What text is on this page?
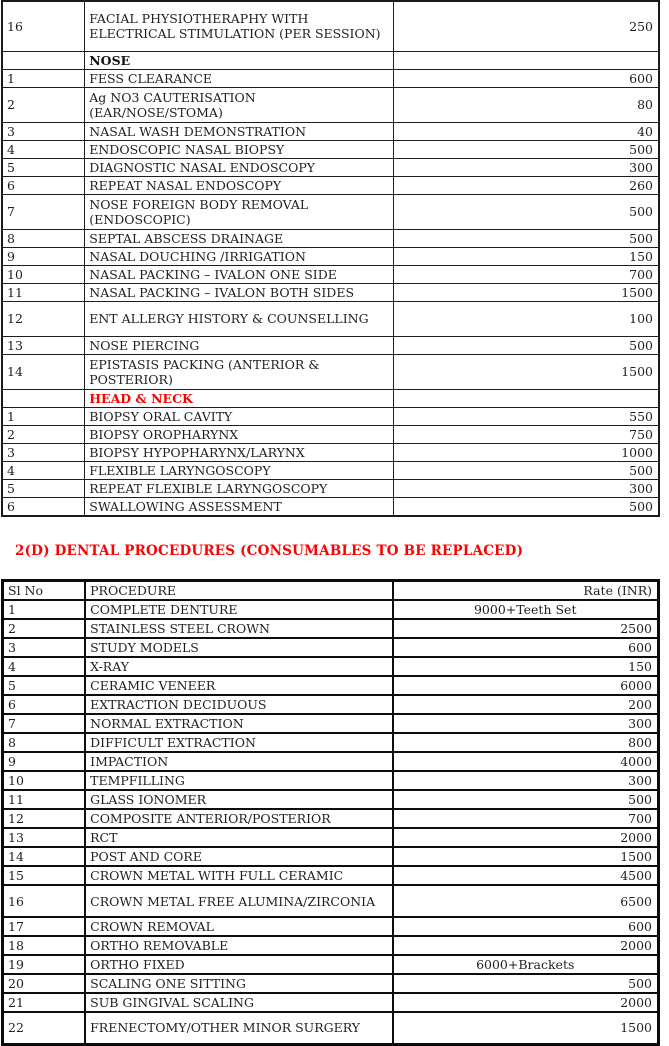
16	FACIAL PHYSIOTHERAPHY WITH ELECTRICAL STIMULATION (PER SESSION)	250
	NOSE	
1	FESS CLEARANCE	600
2	Ag NO3 CAUTERISATION (EAR/NOSE/STOMA)	80
3	NASAL WASH DEMONSTRATION	40
4	ENDOSCOPIC NASAL BIOPSY	500
5	DIAGNOSTIC NASAL ENDOSCOPY	300
6	REPEAT NASAL ENDOSCOPY	260
7	NOSE FOREIGN BODY REMOVAL (ENDOSCOPIC)	500
8	SEPTAL ABSCESS DRAINAGE	500
9	NASAL DOUCHING /IRRIGATION	150
10	NASAL PACKING – IVALON ONE SIDE	700
11	NASAL PACKING – IVALON BOTH SIDES	1500
12	ENT ALLERGY HISTORY & COUNSELLING	100
13	NOSE PIERCING	500
14	EPISTASIS PACKING (ANTERIOR & POSTERIOR)	1500
	HEAD & NECK	
1	BIOPSY ORAL CAVITY	550
2	BIOPSY OROPHARYNX	750
3	BIOPSY HYPOPHARYNX/LARYNX	1000
4	FLEXIBLE LARYNGOSCOPY	500
5	REPEAT FLEXIBLE LARYNGOSCOPY	300
6	SWALLOWING ASSESSMENT	500
2(D) DENTAL PROCEDURES (CONSUMABLES TO BE REPLACED)
Sl No	PROCEDURE	Rate (INR)
1	COMPLETE DENTURE	9000+Teeth Set
2	STAINLESS STEEL CROWN	2500
3	STUDY MODELS	600
4	X-RAY	150
5	CERAMIC VENEER	6000
6	EXTRACTION DECIDUOUS	200
7	NORMAL EXTRACTION	300
8	DIFFICULT EXTRACTION	800
9	IMPACTION	4000
10	TEMPFILLING	300
11	GLASS IONOMER	500
12	COMPOSITE ANTERIOR/POSTERIOR	700
13	RCT	2000
14	POST AND CORE	1500
15	CROWN METAL WITH FULL CERAMIC	4500
16	CROWN METAL FREE ALUMINA/ZIRCONIA	6500
17	CROWN REMOVAL	600
18	ORTHO REMOVABLE	2000
19	ORTHO FIXED	6000+Brackets
20	SCALING ONE SITTING	500
21	SUB GINGIVAL SCALING	2000
22	FRENECTOMY/OTHER MINOR SURGERY	1500
